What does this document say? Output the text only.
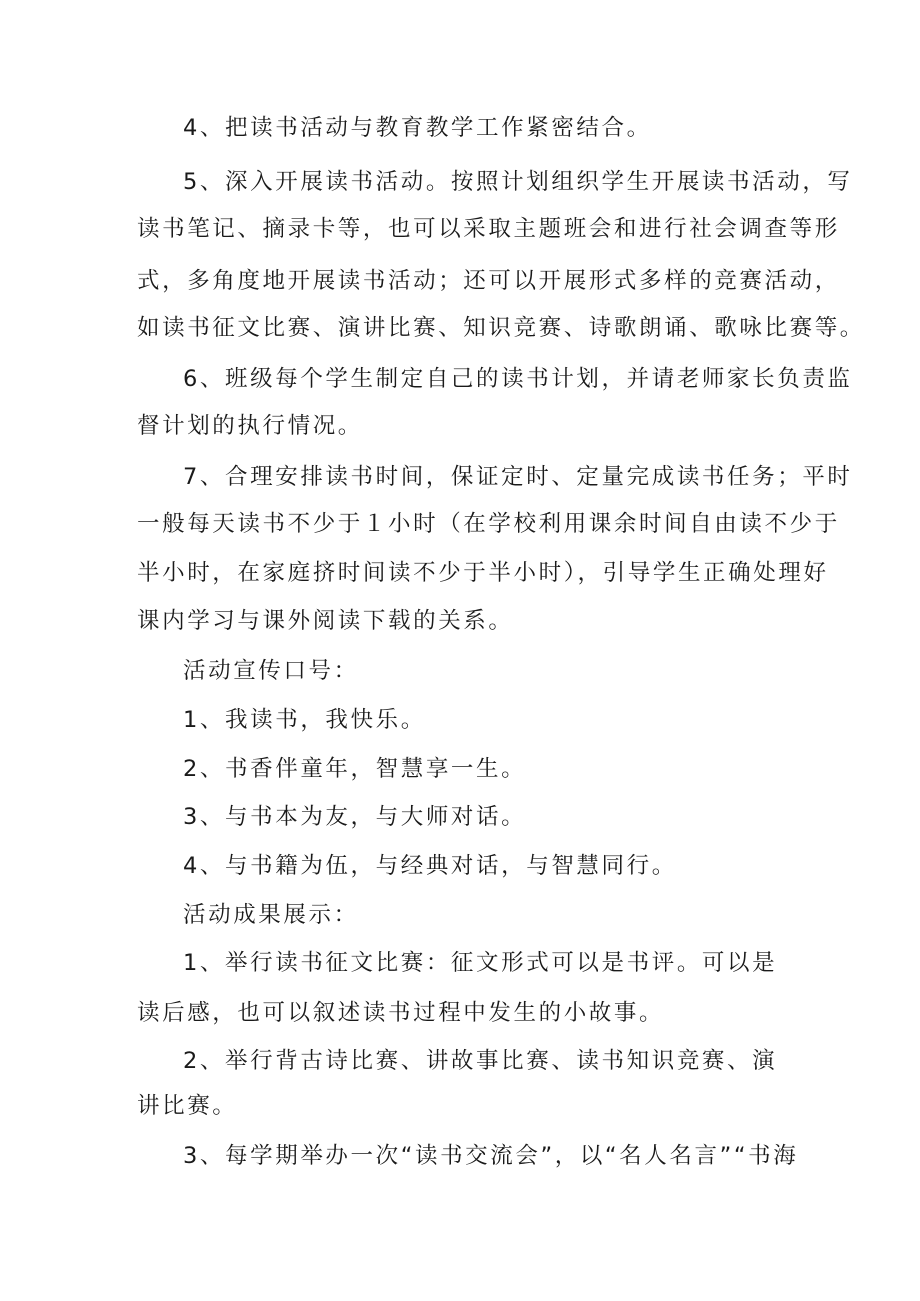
4、把读书活动与教育教学工作紧密结合。

5、深入开展读书活动。按照计划组织学生开展读书活动，写

读书笔记、摘录卡等，也可以采取主题班会和进行社会调查等形

式，多角度地开展读书活动；还可以开展形式多样的竞赛活动，

如读书征文比赛、演讲比赛、知识竞赛、诗歌朗诵、歌咏比赛等。

6、班级每个学生制定自己的读书计划，并请老师家长负责监

督计划的执行情况。

7、合理安排读书时间，保证定时、定量完成读书任务；平时

一般每天读书不少于１小时（在学校利用课余时间自由读不少于

半小时，在家庭挤时间读不少于半小时），引导学生正确处理好

课内学习与课外阅读下载的关系。

活动宣传口号：

1、我读书，我快乐。

2、书香伴童年，智慧享一生。

3、与书本为友，与大师对话。

4、与书籍为伍，与经典对话，与智慧同行。

活动成果展示：

1、举行读书征文比赛：征文形式可以是书评。可以是

读后感，也可以叙述读书过程中发生的小故事。

2、举行背古诗比赛、讲故事比赛、读书知识竞赛、演

讲比赛。

3、每学期举办一次“读书交流会”，以“名人名言”“书海
